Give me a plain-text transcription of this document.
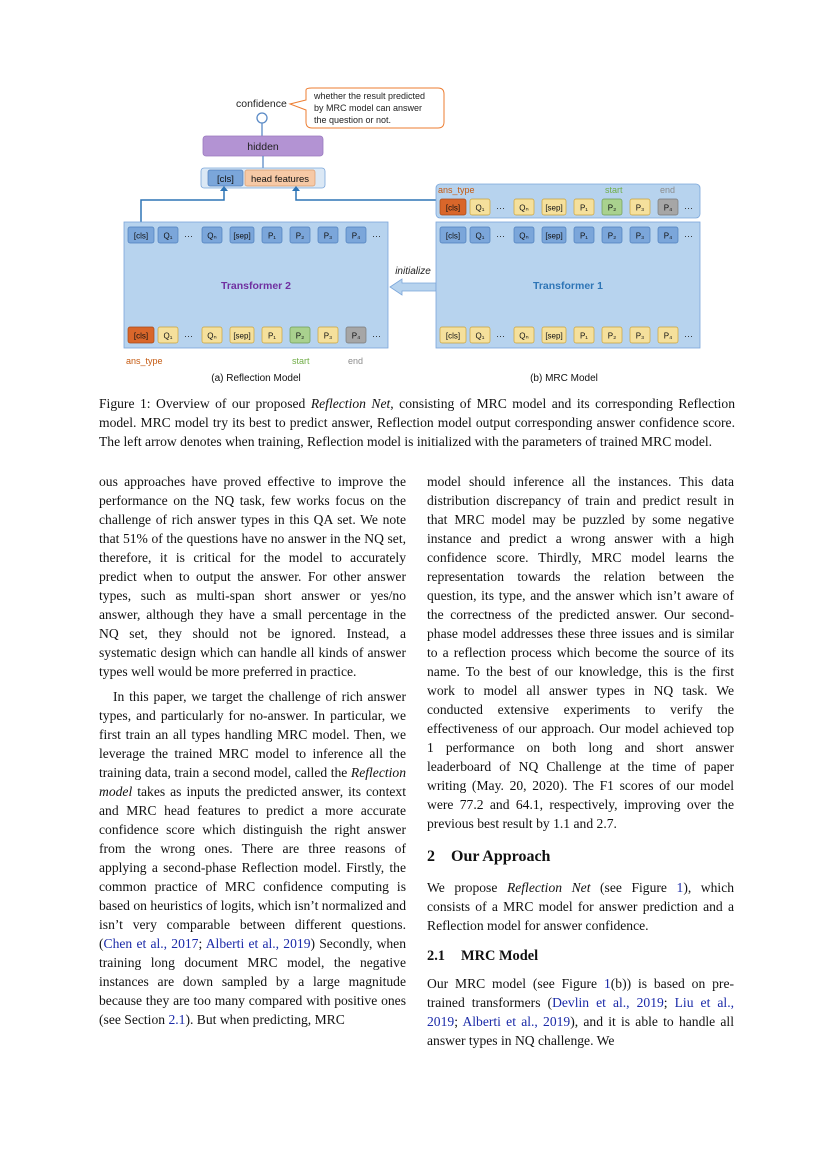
confidence
whether the result predicted
by MRC model can answer
the question or not.
hidden
[cls] head features
Transformer 2
[cls] Q₁ ··· Qₙ [sep] P₁ P₂ P₃ P₄ ···
[cls] Q₁ ··· Qₙ [sep] P₁ P₂ P₃ P₄ ···
ans_type	start	end
(a) Reflection Model
initialize
ans_type	start	end
[cls] Q₁ ··· Qₙ [sep] P₁ P₂ P₃ P₄ ···
Transformer 1
[cls] Q₁ ··· Qₙ [sep] P₁ P₂ P₃ P₄ ···
[cls] Q₁ ··· Qₙ [sep] P₁ P₂ P₃ P₄ ···
(b) MRC Model
Figure 1: Overview of our proposed Reflection Net, consisting of MRC model and its corresponding Reflection model. MRC model try its best to predict answer, Reflection model output corresponding answer confidence score. The left arrow denotes when training, Reflection model is initialized with the parameters of trained MRC model.

ous approaches have proved effective to improve the performance on the NQ task, few works focus on the challenge of rich answer types in this QA set. We note that 51% of the questions have no answer in the NQ set, therefore, it is critical for the model to accurately predict when to output the answer. For other answer types, such as multi-span short answer or yes/no answer, although they have a small percentage in the NQ set, they should not be ignored. Instead, a systematic design which can handle all kinds of answer types well would be more preferred in practice.

In this paper, we target the challenge of rich answer types, and particularly for no-answer. In particular, we first train an all types handling MRC model. Then, we leverage the trained MRC model to inference all the training data, train a second model, called the Reflection model takes as inputs the predicted answer, its context and MRC head features to predict a more accurate confidence score which distinguish the right answer from the wrong ones. There are three reasons of applying a second-phase Reflection model. Firstly, the common practice of MRC confidence computing is based on heuristics of logits, which isn’t normalized and isn’t very comparable between different questions.(Chen et al., 2017; Alberti et al., 2019) Secondly, when training long document MRC model, the negative instances are down sampled by a large magnitude because they are too many compared with positive ones (see Section 2.1). But when predicting, MRC

model should inference all the instances. This data distribution discrepancy of train and predict result in that MRC model may be puzzled by some negative instance and predict a wrong answer with a high confidence score. Thirdly, MRC model learns the representation towards the relation between the question, its type, and the answer which isn’t aware of the correctness of the predicted answer. Our second-phase model addresses these three issues and is similar to a reflection process which become the source of its name. To the best of our knowledge, this is the first work to model all answer types in NQ task. We conducted extensive experiments to verify the effectiveness of our approach. Our model achieved top 1 performance on both long and short answer leaderboard of NQ Challenge at the time of paper writing (May. 20, 2020). The F1 scores of our model were 77.2 and 64.1, respectively, improving over the previous best result by 1.1 and 2.7.

2 Our Approach

We propose Reflection Net (see Figure 1), which consists of a MRC model for answer prediction and a Reflection model for answer confidence.

2.1 MRC Model

Our MRC model (see Figure 1(b)) is based on pre-trained transformers (Devlin et al., 2019; Liu et al., 2019; Alberti et al., 2019), and it is able to handle all answer types in NQ challenge. We
